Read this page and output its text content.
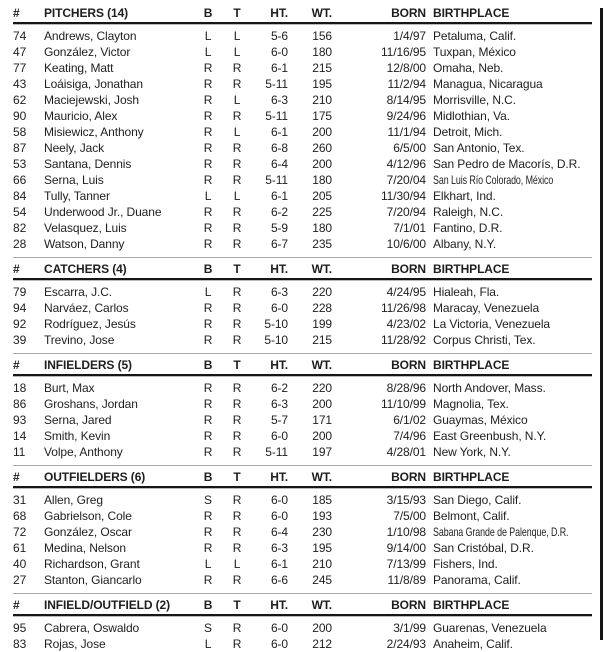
#	PITCHERS (14)	B	T	HT.	WT.	BORN BIRTHPLACE
74	Andrews, Clayton	L	L	5-6	156	1/4/97 Petaluma, Calif.
47	González, Victor	L	L	6-0	180	11/16/95 Tuxpan, México
77	Keating, Matt	R	R	6-1	215	12/8/00 Omaha, Neb.
43	Loáisiga, Jonathan	R	R	5-11	195	11/2/94 Managua, Nicaragua
62	Maciejewski, Josh	R	L	6-3	210	8/14/95 Morrisville, N.C.
90	Mauricio, Alex	R	R	5-11	175	9/24/96 Midlothian, Va.
58	Misiewicz, Anthony	R	L	6-1	200	11/1/94 Detroit, Mich.
87	Neely, Jack	R	R	6-8	260	6/5/00 San Antonio, Tex.
53	Santana, Dennis	R	R	6-4	200	4/12/96 San Pedro de Macorís, D.R.
66	Serna, Luis	R	R	5-11	180	7/20/04 San Luis Río Colorado, México
84	Tully, Tanner	L	L	6-1	205	11/30/94 Elkhart, Ind.
54	Underwood Jr., Duane	R	R	6-2	225	7/20/94 Raleigh, N.C.
82	Velasquez, Luis	R	R	5-9	180	7/1/01 Fantino, D.R.
28	Watson, Danny	R	R	6-7	235	10/6/00 Albany, N.Y.
#	CATCHERS (4)	B	T	HT.	WT.	BORN BIRTHPLACE
79	Escarra, J.C.	L	R	6-3	220	4/24/95 Hialeah, Fla.
94	Narváez, Carlos	R	R	6-0	228	11/26/98 Maracay, Venezuela
92	Rodríguez, Jesús	R	R	5-10	199	4/23/02 La Victoria, Venezuela
39	Trevino, Jose	R	R	5-10	215	11/28/92 Corpus Christi, Tex.
#	INFIELDERS (5)	B	T	HT.	WT.	BORN BIRTHPLACE
18	Burt, Max	R	R	6-2	220	8/28/96 North Andover, Mass.
86	Groshans, Jordan	R	R	6-3	200	11/10/99 Magnolia, Tex.
93	Serna, Jared	R	R	5-7	171	6/1/02 Guaymas, México
14	Smith, Kevin	R	R	6-0	200	7/4/96 East Greenbush, N.Y.
11	Volpe, Anthony	R	R	5-11	197	4/28/01 New York, N.Y.
#	OUTFIELDERS (6)	B	T	HT.	WT.	BORN BIRTHPLACE
31	Allen, Greg	S	R	6-0	185	3/15/93 San Diego, Calif.
68	Gabrielson, Cole	R	R	6-0	193	7/5/00 Belmont, Calif.
72	González, Oscar	R	R	6-4	230	1/10/98 Sabana Grande de Palenque, D.R.
61	Medina, Nelson	R	R	6-3	195	9/14/00 San Cristóbal, D.R.
40	Richardson, Grant	L	L	6-1	210	7/13/99 Fishers, Ind.
27	Stanton, Giancarlo	R	R	6-6	245	11/8/89 Panorama, Calif.
#	INFIELD/OUTFIELD (2)	B	T	HT.	WT.	BORN BIRTHPLACE
95	Cabrera, Oswaldo	S	R	6-0	200	3/1/99 Guarenas, Venezuela
83	Rojas, Jose	L	R	6-0	212	2/24/93 Anaheim, Calif.
